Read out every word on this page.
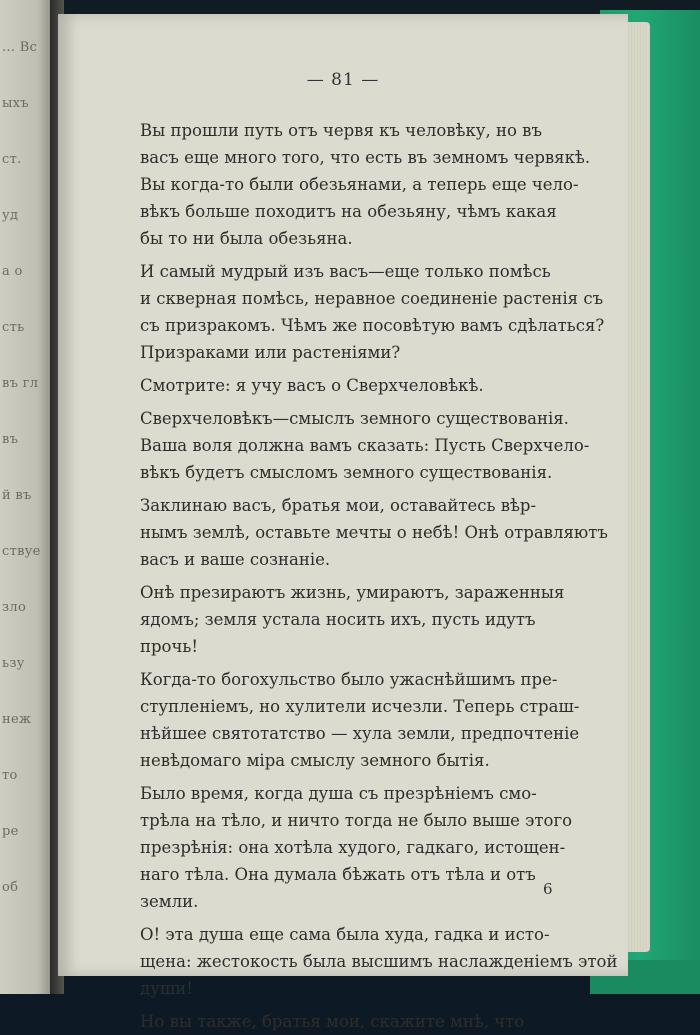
... Вс
ыхъ
ст.
уд
а о
сть
въ гл
въ
й въ
ствуе
зло
ьзу
неж
то
ре
об
— 81 —
Вы прошли путь отъ червя къ человѣку, но въ
васъ еще много того, что есть въ земномъ червякѣ.
Вы когда-то были обезьянами, а теперь еще чело-
вѣкъ больше походитъ на обезьяну, чѣмъ какая
бы то ни была обезьяна.
И самый мудрый изъ васъ—еще только помѣсь
и скверная помѣсь, неравное соединеніе растенія съ
съ призракомъ. Чѣмъ же посовѣтую вамъ сдѣлаться?
Призраками или растеніями?
Смотрите: я учу васъ о Сверхчеловѣкѣ.
Сверхчеловѣкъ—смыслъ земного существованія.
Ваша воля должна вамъ сказать: Пусть Сверхчело-
вѣкъ будетъ смысломъ земного существованія.
Заклинаю васъ, братья мои, оставайтесь вѣр-
нымъ землѣ, оставьте мечты о небѣ! Онѣ отравляютъ
васъ и ваше сознаніе.
Онѣ презираютъ жизнь, умираютъ, зараженныя
ядомъ; земля устала носить ихъ, пусть идутъ
прочь!
Когда-то богохульство было ужаснѣйшимъ пре-
ступленіемъ, но хулители исчезли. Теперь страш-
нѣйшее святотатство — хула земли, предпочтеніе
невѣдомаго міра смыслу земного бытія.
Было время, когда душа съ презрѣніемъ смо-
трѣла на тѣло, и ничто тогда не было выше этого
презрѣнія: она хотѣла худого, гадкаго, истощен-
наго тѣла. Она думала бѣжать отъ тѣла и отъ
земли.
О! эта душа еще сама была худа, гадка и исто-
щена: жестокость была высшимъ наслажденіемъ этой
души!
Но вы также, братья мои, скажите мнѣ, что
6
